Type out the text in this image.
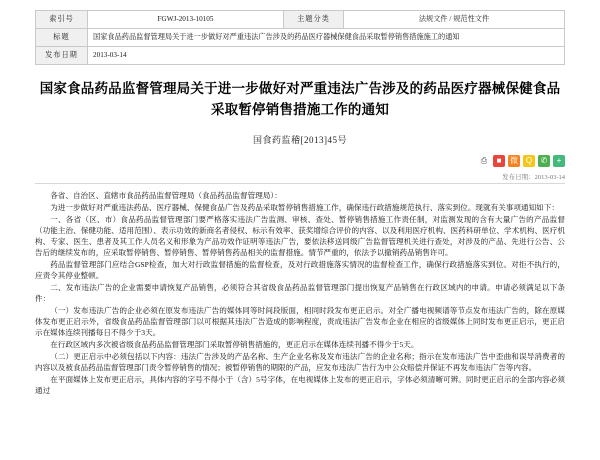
索引号	FGWJ-2013-10105	主题分类	法规文件 / 规范性文件
标题	国家食品药品监督管理局关于进一步做好对严重违法广告涉及的药品医疗器械保健食品采取暂停销售措施施工的通知		
发布日期	2013-03-14		
国家食品药品监督管理局关于进一步做好对严重违法广告涉及的药品医疗器械保健食品采取暂停销售措施工作的通知
国食药监稽[2013]45号
⎙	■	微 Q	✆	+
发布日期：2013-03-14

各省、自治区、直辖市食品药品监督管理局（食品药品监督管理局）：

为进一步做好对严重违法药品、医疗器械、保健食品广告及药品采取暂停销售措施工作，确保违行政措施规范执行、落实到位。现就有关事项通知如下：

一、各省（区、市）食品药品监督管理部门要严格落实违法广告监测、审核、查处、暂停销售措施工作责任制，对监测发现的含有大量广告的产品监督（功能主治、保健功能、适用范围）、表示功效的新商名者侵权、标示有效率、获奖增综合评价的内容、以及利用医疗机构、医药科研单位、学术机构、医疗机构、专家、医生、患者及其工作人员名义和形象为产品功效作证明等违法广告，要依法移送同级广告监督管理机关进行查处，对涉及的产品、先进行公告、公告后的继续发布的，应采取暂停销售、暂停销售、暂停销售药品相关的监督措施。情节严重的，依法予以撤销药品销售许可。

药品监督管理部门应结合GSP检查，加大对行政监督措施的监督检查，及对行政措施落实情况的监督检查工作，确保行政措施落实到位。对拒不执行的，应责令其停业整顿。

二、发布违法广告的企业需要申请恢复产品销售，必须符合其省级食品药品监督管理部门提出恢复产品销售在行政区域内的申请。申请必须满足以下条件：

（一）发布违法广告的企业必须在原发布违法广告的媒体同等时间段版面，相同时段发布更正启示。对全广播电视频谱等节点发布违法广告的，除在原媒体发布更正启示外，省级食品药品监督管理部门以可根据其违法广告造成的影响程度，责成违法广告发布企业在相应的省级媒体上同时发布更正启示，更正启示在媒体连续刊播每日不得少于3天。

在行政区域内多次被省级食品药品监督管理部门采取暂停销售措施的，更正启示在媒体连续刊播不得少于5天。

（二）更正启示中必须包括以下内容：违法广告涉及的产品名称、生产企业名称及发布违法广告的企业名称；指示在发布违法广告中歪曲和误导消费者的内容以及被食品药品监督管理部门责令暂停销售的情况；被暂停销售的期限的产品，应发布违法广告行为中公众赔偿并保证不再发布违法广告等内容。

在平面媒体上发布更正启示，具体内容的字号不得小于（含）5号字体，在电视媒体上发布的更正启示，字体必须清晰可辨。同时更正启示的全部内容必须通过
